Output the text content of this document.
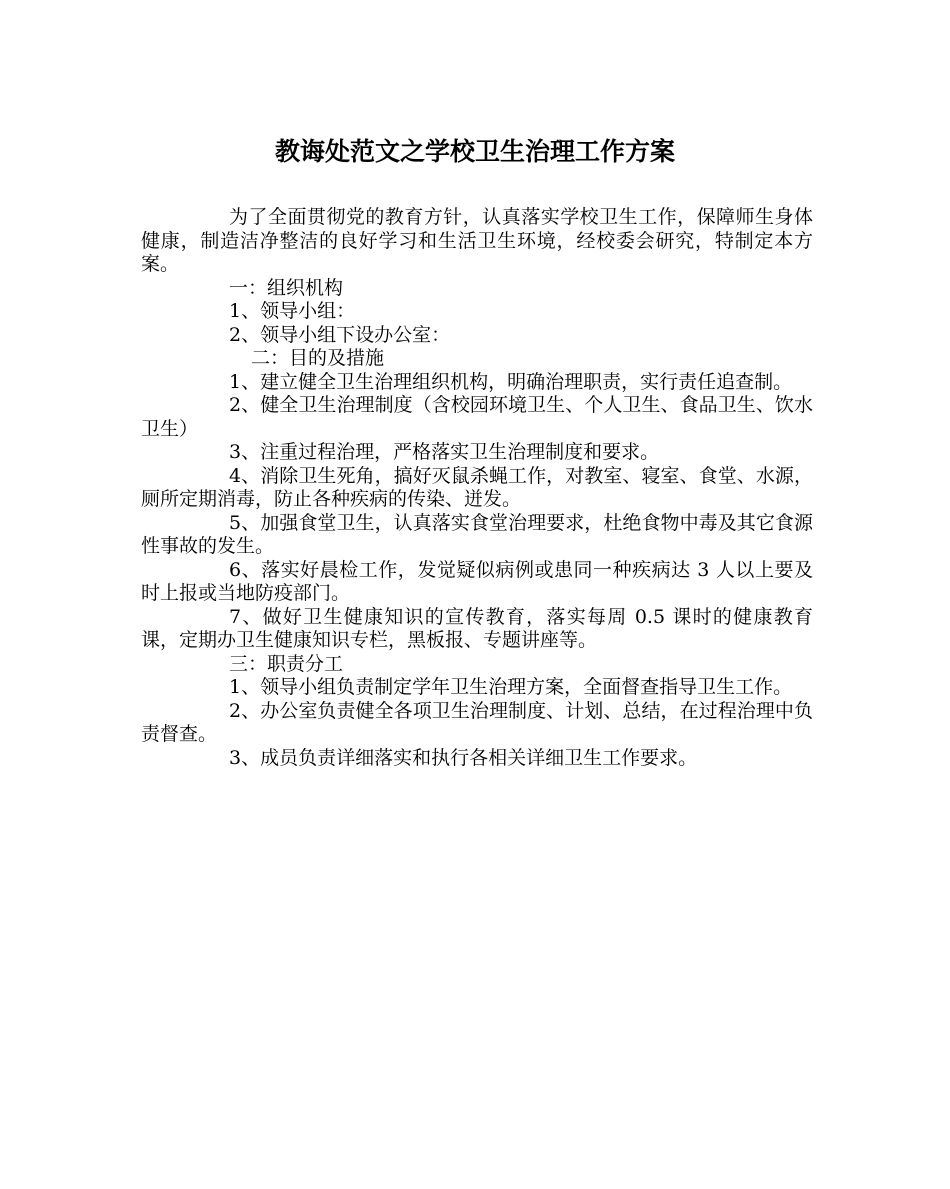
教诲处范文之学校卫生治理工作方案

为了全面贯彻党的教育方针，认真落实学校卫生工作，保障师生身体健康，制造洁净整洁的良好学习和生活卫生环境，经校委会研究，特制定本方案。

一：组织机构

1、领导小组：

2、领导小组下设办公室：

二：目的及措施

1、建立健全卫生治理组织机构，明确治理职责，实行责任追查制。

2、健全卫生治理制度（含校园环境卫生、个人卫生、食品卫生、饮水卫生）

3、注重过程治理，严格落实卫生治理制度和要求。

4、消除卫生死角，搞好灭鼠杀蝇工作，对教室、寝室、食堂、水源，厕所定期消毒，防止各种疾病的传染、迸发。

5、加强食堂卫生，认真落实食堂治理要求，杜绝食物中毒及其它食源性事故的发生。

6、落实好晨检工作，发觉疑似病例或患同一种疾病达 3 人以上要及时上报或当地防疫部门。

7、做好卫生健康知识的宣传教育，落实每周 0.5 课时的健康教育课，定期办卫生健康知识专栏，黑板报、专题讲座等。

三：职责分工

1、领导小组负责制定学年卫生治理方案，全面督查指导卫生工作。

2、办公室负责健全各项卫生治理制度、计划、总结，在过程治理中负责督查。

3、成员负责详细落实和执行各相关详细卫生工作要求。
